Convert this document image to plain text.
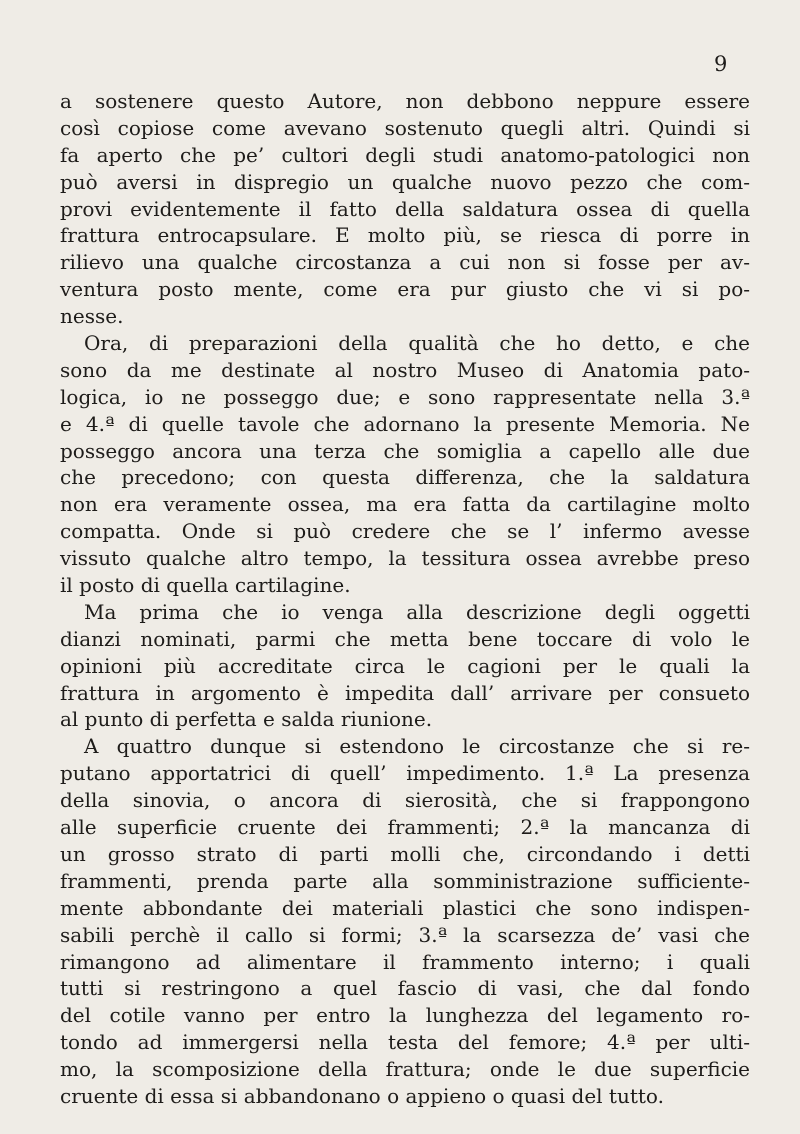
9
a sostenere questo Autore, non debbono neppure essere
così copiose come avevano sostenuto quegli altri. Quindi si
fa aperto che pe’ cultori degli studi anatomo-patologici non
può aversi in dispregio un qualche nuovo pezzo che com-
provi evidentemente il fatto della saldatura ossea di quella
frattura entrocapsulare. E molto più, se riesca di porre in
rilievo una qualche circostanza a cui non si fosse per av-
ventura posto mente, come era pur giusto che vi si po-
nesse.
Ora, di preparazioni della qualità che ho detto, e che
sono da me destinate al nostro Museo di Anatomia pato-
logica, io ne posseggo due; e sono rappresentate nella 3.ª
e 4.ª di quelle tavole che adornano la presente Memoria. Ne
posseggo ancora una terza che somiglia a capello alle due
che precedono; con questa differenza, che la saldatura
non era veramente ossea, ma era fatta da cartilagine molto
compatta. Onde si può credere che se l’ infermo avesse
vissuto qualche altro tempo, la tessitura ossea avrebbe preso
il posto di quella cartilagine.
Ma prima che io venga alla descrizione degli oggetti
dianzi nominati, parmi che metta bene toccare di volo le
opinioni più accreditate circa le cagioni per le quali la
frattura in argomento è impedita dall’ arrivare per consueto
al punto di perfetta e salda riunione.
A quattro dunque si estendono le circostanze che si re-
putano apportatrici di quell’ impedimento. 1.ª La presenza
della sinovia, o ancora di sierosità, che si frappongono
alle superficie cruente dei frammenti; 2.ª la mancanza di
un grosso strato di parti molli che, circondando i detti
frammenti, prenda parte alla somministrazione sufficiente-
mente abbondante dei materiali plastici che sono indispen-
sabili perchè il callo si formi; 3.ª la scarsezza de’ vasi che
rimangono ad alimentare il frammento interno; i quali
tutti si restringono a quel fascio di vasi, che dal fondo
del cotile vanno per entro la lunghezza del legamento ro-
tondo ad immergersi nella testa del femore; 4.ª per ulti-
mo, la scomposizione della frattura; onde le due superficie
cruente di essa si abbandonano o appieno o quasi del tutto.
